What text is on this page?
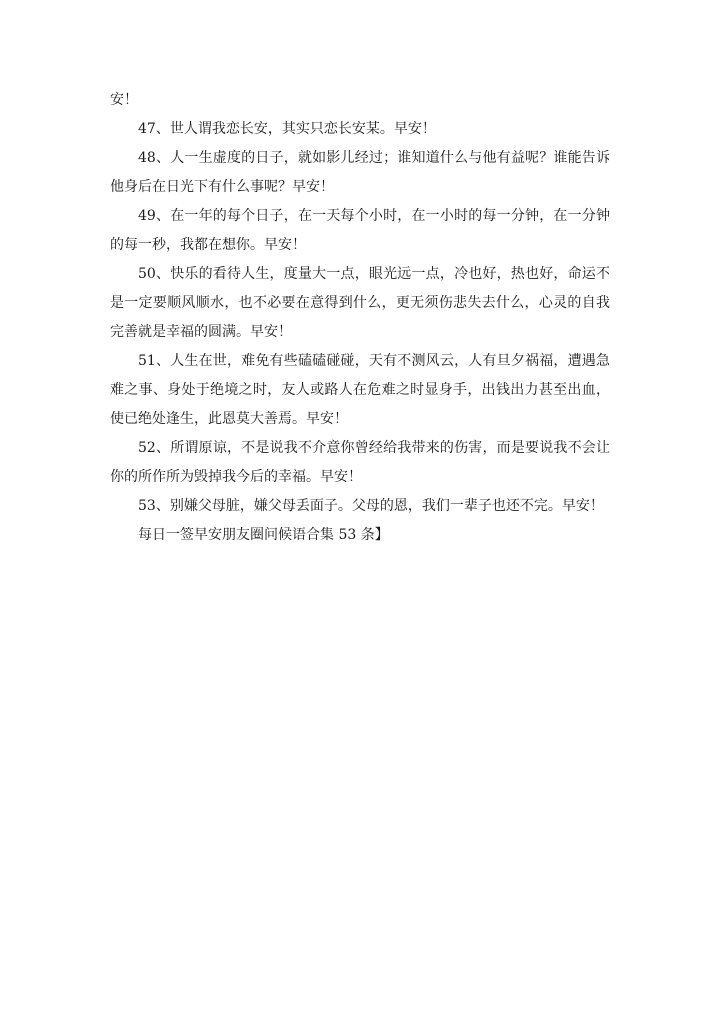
安！

47、世人谓我恋长安，其实只恋长安某。早安！

48、人一生虚度的日子，就如影儿经过；谁知道什么与他有益呢？谁能告诉他身后在日光下有什么事呢？早安！

49、在一年的每个日子，在一天每个小时，在一小时的每一分钟，在一分钟的每一秒，我都在想你。早安！

50、快乐的看待人生，度量大一点，眼光远一点，冷也好，热也好，命运不是一定要顺风顺水，也不必要在意得到什么，更无须伤悲失去什么，心灵的自我完善就是幸福的圆满。早安！

51、人生在世，难免有些磕磕碰碰，天有不测风云，人有旦夕祸福，遭遇急难之事、身处于绝境之时，友人或路人在危难之时显身手，出钱出力甚至出血，使已绝处逢生，此恩莫大善焉。早安！

52、所谓原谅，不是说我不介意你曾经给我带来的伤害，而是要说我不会让你的所作所为毁掉我今后的幸福。早安！

53、别嫌父母脏，嫌父母丢面子。父母的恩，我们一辈子也还不完。早安！

每日一签早安朋友圈问候语合集 53 条】
